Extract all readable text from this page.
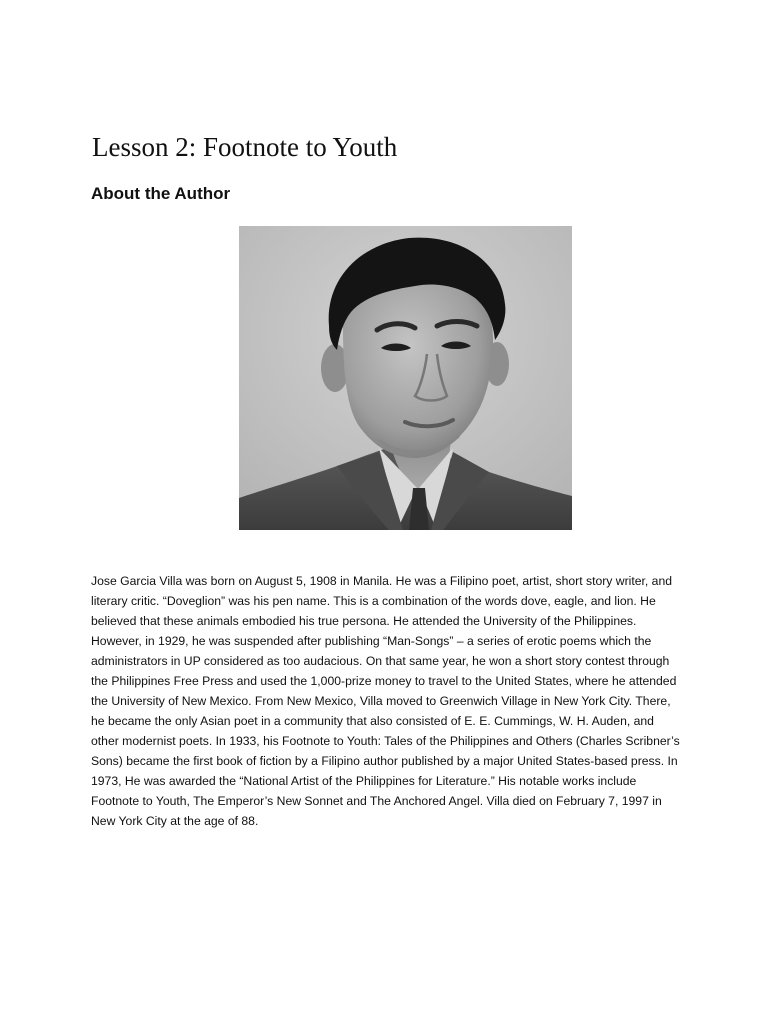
Lesson 2: Footnote to Youth
About the Author

Jose Garcia Villa was born on August 5, 1908 in Manila. He was a Filipino poet, artist, short story writer, and literary critic. “Doveglion” was his pen name. This is a combination of the words dove, eagle, and lion. He believed that these animals embodied his true persona. He attended the University of the Philippines. However, in 1929, he was suspended after publishing “Man-Songs” – a series of erotic poems which the administrators in UP considered as too audacious. On that same year, he won a short story contest through the Philippines Free Press and used the 1,000-prize money to travel to the United States, where he attended the University of New Mexico. From New Mexico, Villa moved to Greenwich Village in New York City. There, he became the only Asian poet in a community that also consisted of E. E. Cummings, W. H. Auden, and other modernist poets. In 1933, his Footnote to Youth: Tales of the Philippines and Others (Charles Scribner’s Sons) became the first book of fiction by a Filipino author published by a major United States-based press. In 1973, He was awarded the “National Artist of the Philippines for Literature.” His notable works include Footnote to Youth, The Emperor’s New Sonnet and The Anchored Angel. Villa died on February 7, 1997 in New York City at the age of 88.
